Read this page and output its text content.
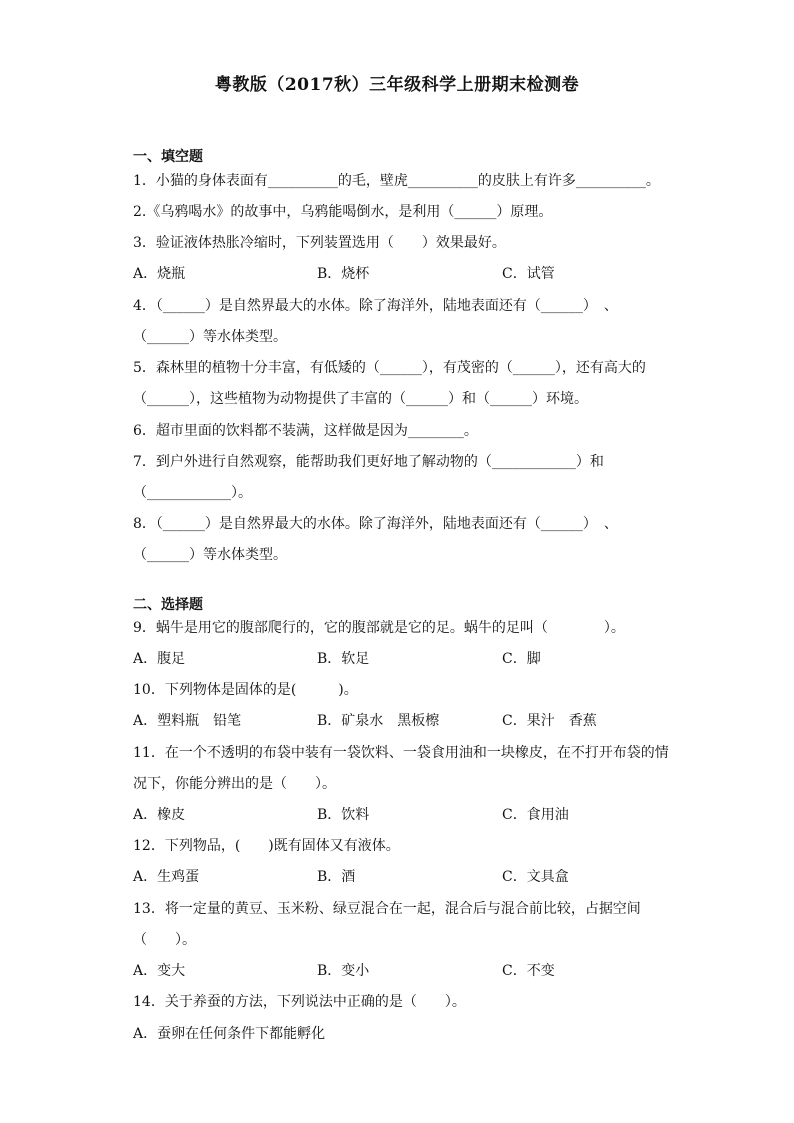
粤教版（2017秋）三年级科学上册期末检测卷
一、填空题
1．小猫的身体表面有__________的毛，壁虎__________的皮肤上有许多__________。
2.《乌鸦喝水》的故事中，乌鸦能喝倒水，是利用（______）原理。
3．验证液体热胀冷缩时，下列装置选用（　　）效果最好。
A．烧瓶	B．烧杯	C．试管
4．（______）是自然界最大的水体。除了海洋外，陆地表面还有（______）　、
（______）等水体类型。
5．森林里的植物十分丰富，有低矮的（______），有茂密的（______），还有高大的
（______），这些植物为动物提供了丰富的（______）和（______）环境。
6．超市里面的饮料都不装满，这样做是因为________。
7．到户外进行自然观察，能帮助我们更好地了解动物的（____________）和
（____________）。
8．（______）是自然界最大的水体。除了海洋外，陆地表面还有（______）　、
（______）等水体类型。
二、选择题
9．蜗牛是用它的腹部爬行的，它的腹部就是它的足。蜗牛的足叫（　　　　）。
A．腹足	B．软足	C．脚
10．下列物体是固体的是(　　　)。
A．塑料瓶　铅笔	B．矿泉水　黑板檫	C．果汁　香蕉
11．在一个不透明的布袋中装有一袋饮料、一袋食用油和一块橡皮，在不打开布袋的情
况下，你能分辨出的是（　　）。
A．橡皮	B．饮料	C．食用油
12．下列物品，(　　)既有固体又有液体。
A．生鸡蛋	B．酒	C．文具盒
13．将一定量的黄豆、玉米粉、绿豆混合在一起，混合后与混合前比较，占据空间
（　　）。
A．变大	B．变小	C．不变
14．关于养蚕的方法，下列说法中正确的是（　　）。
A．蚕卵在任何条件下都能孵化
